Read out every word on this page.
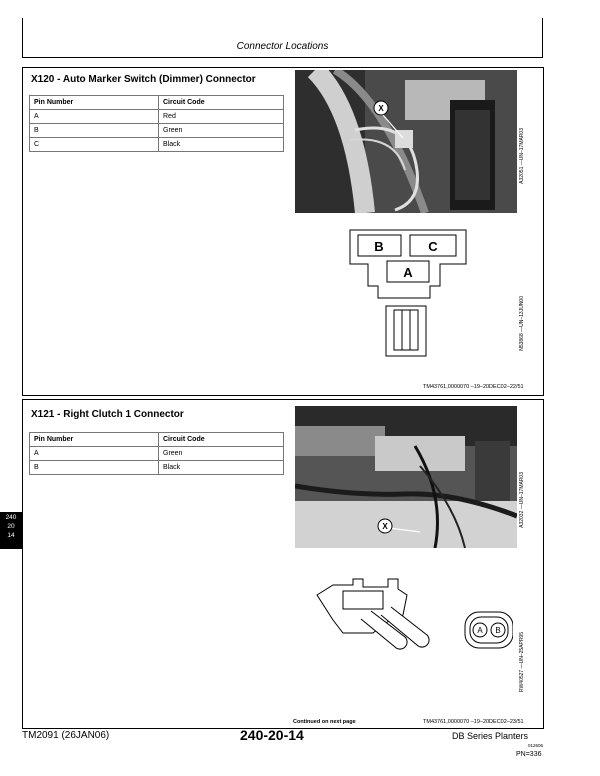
Connector Locations
X120 - Auto Marker Switch (Dimmer) Connector
Pin Number	Circuit Code
A	Red
B	Green
C	Black
X
A32051 —UN–17MAR03
B	C
A
N53868 —UN–13JUN00
TM43761,0000070 –19–20DEC02–22/51
X121 - Right Clutch 1 Connector
Pin Number	Circuit Code
A	Green
B	Black
X	A32032 —UN–17MAR03
A B
RW40527 —UN–25APR95
Continued on next page	TM43761,0000070 –19–20DEC02–23/51
240
20
14
TM2091 (26JAN06)	240-20-14	DB Series Planters
012606
PN=336
